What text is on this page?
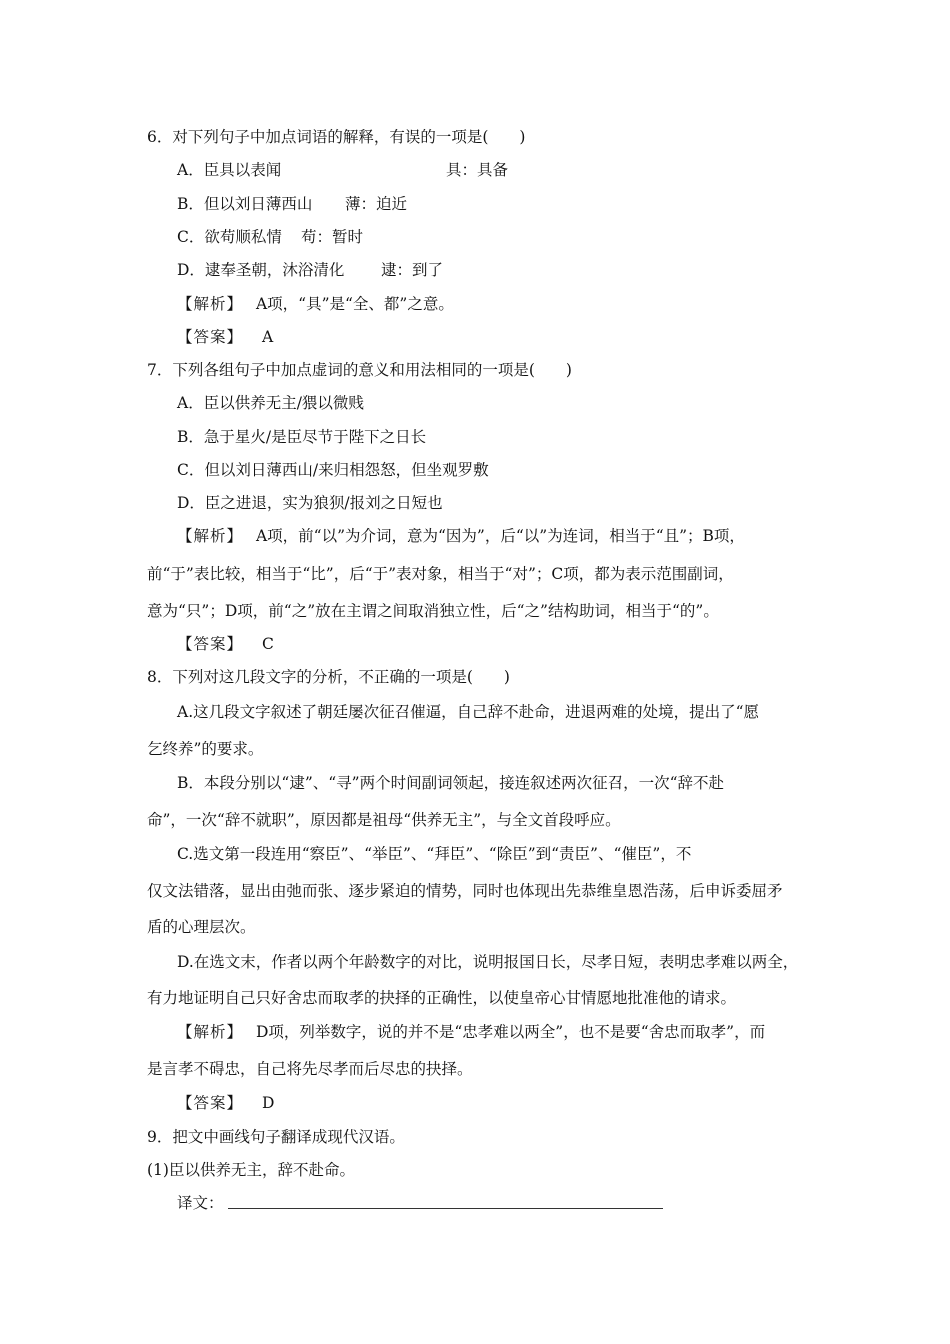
6．对下列句子中加点词语的解释，有误的一项是(　　)
A．臣具以表闻	具：具备
B．但以刘日薄西山 薄：迫近
C．欲苟顺私情 苟：暂时
D．逮奉圣朝，沐浴清化 逮：到了
【解析】 A项，“具”是“全、都”之意。
【答案】 A
7．下列各组句子中加点虚词的意义和用法相同的一项是(　　)
A．臣以供养无主/猥以微贱
B．急于星火/是臣尽节于陛下之日长
C．但以刘日薄西山/来归相怨怒，但坐观罗敷
D．臣之进退，实为狼狈/报刘之日短也
【解析】 A项，前“以”为介词，意为“因为”，后“以”为连词，相当于“且”；B项，
前“于”表比较，相当于“比”，后“于”表对象，相当于“对”；C项，都为表示范围副词，
意为“只”；D项，前“之”放在主谓之间取消独立性，后“之”结构助词，相当于“的”。
【答案】 C
8．下列对这几段文字的分析，不正确的一项是(　　)
A.这几段文字叙述了朝廷屡次征召催逼，自己辞不赴命，进退两难的处境，提出了“愿
乞终养”的要求。
B．本段分别以“逮”、“寻”两个时间副词领起，接连叙述两次征召，一次“辞不赴
命”，一次“辞不就职”，原因都是祖母“供养无主”，与全文首段呼应。
C.选文第一段连用“察臣”、“举臣”、“拜臣”、“除臣”到“责臣”、“催臣”，不
仅文法错落，显出由弛而张、逐步紧迫的情势，同时也体现出先恭维皇恩浩荡，后申诉委屈矛
盾的心理层次。
D.在选文末，作者以两个年龄数字的对比，说明报国日长，尽孝日短，表明忠孝难以两全，
有力地证明自己只好舍忠而取孝的抉择的正确性，以使皇帝心甘情愿地批准他的请求。
【解析】 D项，列举数字，说的并不是“忠孝难以两全”，也不是要“舍忠而取孝”，而
是言孝不碍忠，自己将先尽孝而后尽忠的抉择。
【答案】 D
9．把文中画线句子翻译成现代汉语。
(1)臣以供养无主，辞不赴命。
译文：
